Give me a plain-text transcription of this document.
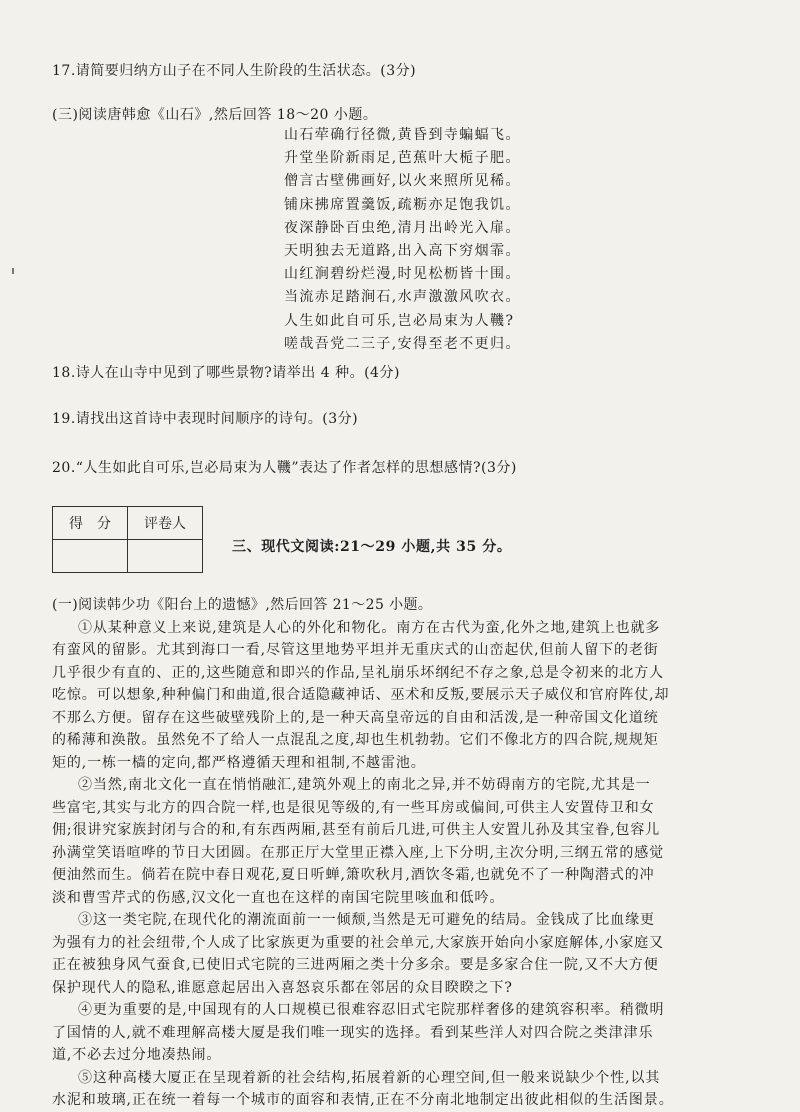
17.请简要归纳方山子在不同人生阶段的生活状态。(3分)
(三)阅读唐韩愈《山石》,然后回答 18～20 小题。
山石荦确行径微,黄昏到寺蝙蝠飞。
升堂坐阶新雨足,芭蕉叶大栀子肥。
僧言古壁佛画好,以火来照所见稀。
铺床拂席置羹饭,疏粝亦足饱我饥。
夜深静卧百虫绝,清月出岭光入扉。
天明独去无道路,出入高下穷烟霏。
山红涧碧纷烂漫,时见松枥皆十围。
当流赤足踏涧石,水声激激风吹衣。
人生如此自可乐,岂必局束为人鞿?
嗟哉吾党二三子,安得至老不更归。
18.诗人在山寺中见到了哪些景物?请举出 4 种。(4分)
19.请找出这首诗中表现时间顺序的诗句。(3分)
20.“人生如此自可乐,岂必局束为人鞿”表达了作者怎样的思想感情?(3分)
得　分	评卷人

三、现代文阅读:21～29 小题,共 35 分。
(一)阅读韩少功《阳台上的遗憾》,然后回答 21～25 小题。
①从某种意义上来说,建筑是人心的外化和物化。南方在古代为蛮,化外之地,建筑上也就多
有蛮风的留影。尤其到海口一看,尽管这里地势平坦并无重庆式的山峦起伏,但前人留下的老街
几乎很少有直的、正的,这些随意和即兴的作品,呈礼崩乐坏纲纪不存之象,总是令初来的北方人
吃惊。可以想象,种种偏门和曲道,很合适隐藏神话、巫术和反叛,要展示天子威仪和官府阵仗,却
不那么方便。留存在这些破壁残阶上的,是一种天高皇帝远的自由和活泼,是一种帝国文化道统
的稀薄和涣散。虽然免不了给人一点混乱之度,却也生机勃勃。它们不像北方的四合院,规规矩
矩的,一栋一樯的定向,都严格遵循天理和祖制,不越雷池。
②当然,南北文化一直在悄悄融汇,建筑外观上的南北之异,并不妨碍南方的宅院,尤其是一
些富宅,其实与北方的四合院一样,也是很见等级的,有一些耳房或偏间,可供主人安置侍卫和女
佣;很讲究家族封闭与合的和,有东西两厢,甚至有前后几进,可供主人安置儿孙及其宝眷,包容儿
孙满堂笑语喧哗的节日大团圆。在那正厅大堂里正襟入座,上下分明,主次分明,三纲五常的感觉
便油然而生。倘若在院中春日观花,夏日听蝉,箫吹秋月,酒饮冬霜,也就免不了一种陶潜式的冲
淡和曹雪芹式的伤感,汉文化一直也在这样的南国宅院里咳血和低吟。
③这一类宅院,在现代化的潮流面前一一倾颓,当然是无可避免的结局。金钱成了比血缘更
为强有力的社会纽带,个人成了比家族更为重要的社会单元,大家族开始向小家庭解体,小家庭又
正在被独身风气蚕食,已使旧式宅院的三进两厢之类十分多余。要是多家合住一院,又不大方便
保护现代人的隐私,谁愿意起居出入喜怒哀乐都在邻居的众目睽睽之下?
④更为重要的是,中国现有的人口规模已很难容忍旧式宅院那样奢侈的建筑容积率。稍微明
了国情的人,就不难理解高楼大厦是我们唯一现实的选择。看到某些洋人对四合院之类津津乐
道,不必去过分地凑热闹。
⑤这种高楼大厦正在呈现着新的社会结构,拓展着新的心理空间,但一般来说缺少个性,以其
水泥和玻璃,正在统一着每一个城市的面容和表情,正在不分南北地制定出彼此相似的生活图景。
